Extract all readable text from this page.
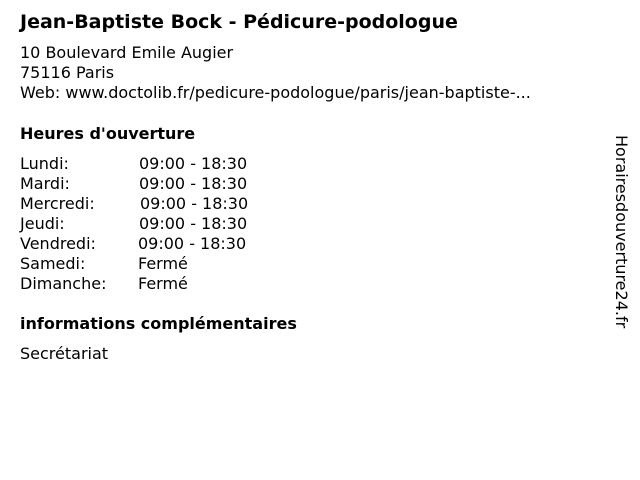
Jean-Baptiste Bock - Pédicure-podologue
10 Boulevard Emile Augier
75116 Paris
Web: www.doctolib.fr/pedicure-podologue/paris/jean-baptiste-...
Heures d'ouverture
Lundi:	09:00 - 18:30
Mardi:	09:00 - 18:30
Mercredi:	09:00 - 18:30
Jeudi:	09:00 - 18:30
Vendredi:	09:00 - 18:30
Samedi:	Fermé
Dimanche: Fermé
informations complémentaires
Secrétariat
Horairesdouverture24.fr
